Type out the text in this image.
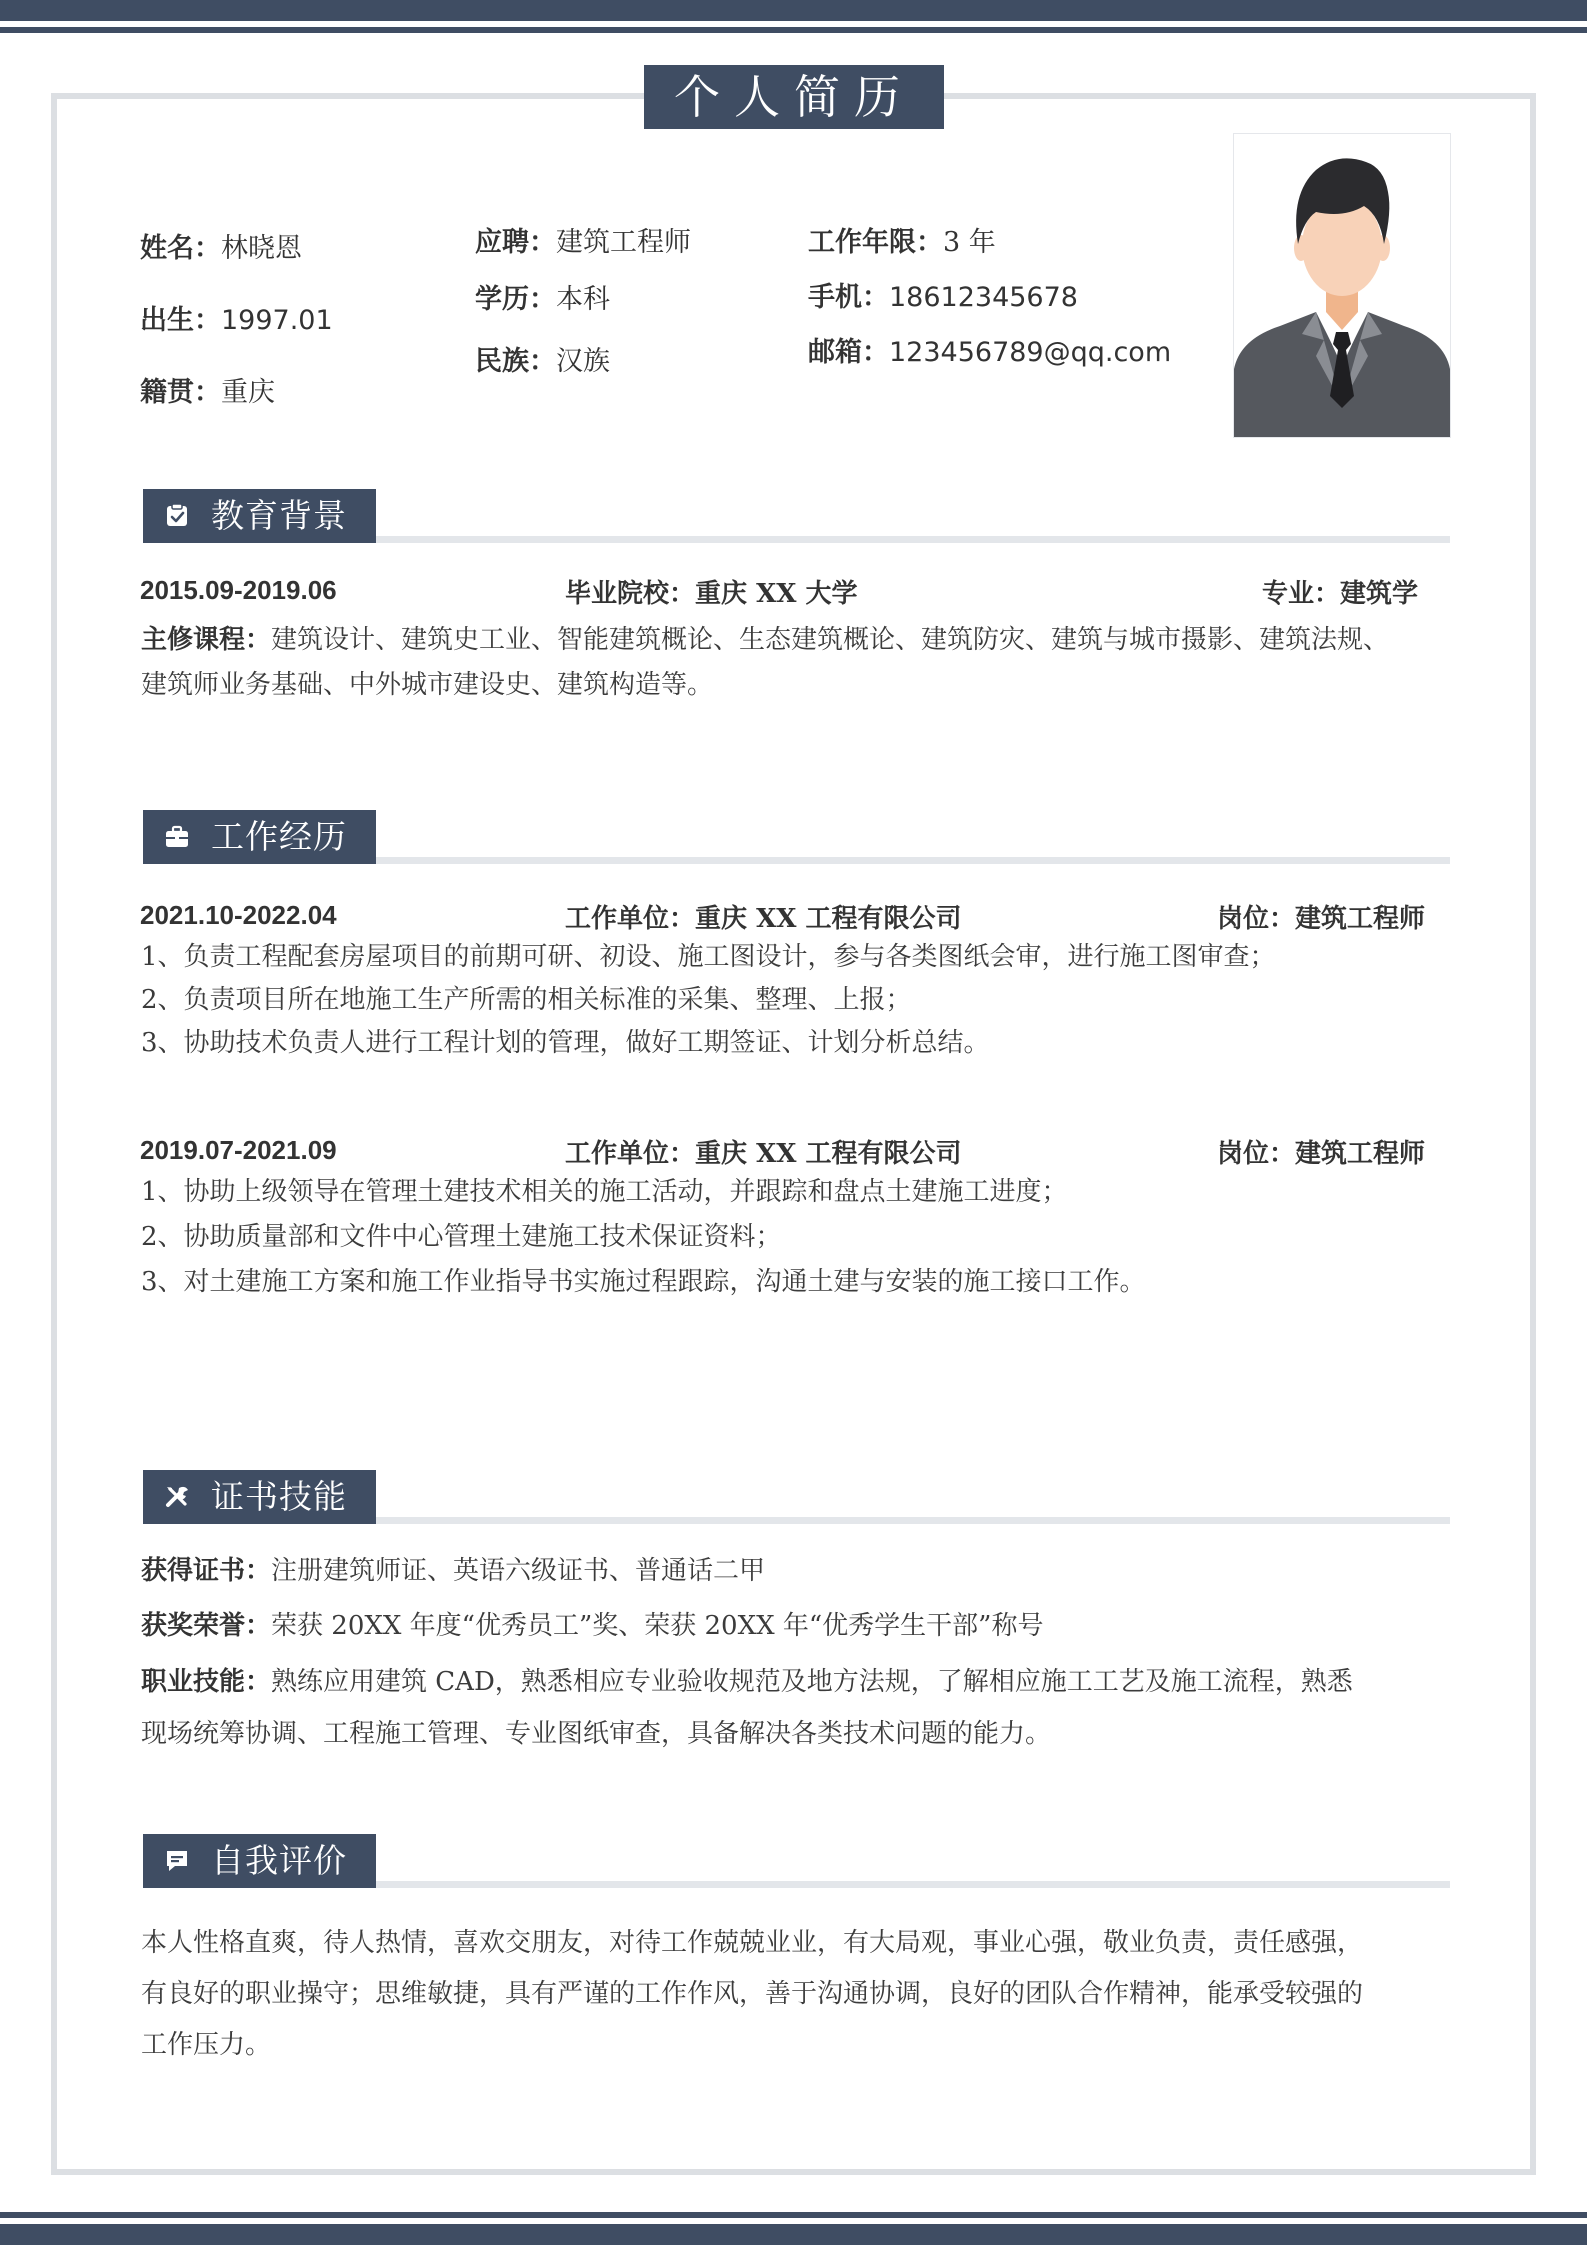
个人简历
姓名：林晓恩
出生：1997.01
籍贯：重庆
应聘：建筑工程师
学历：本科
民族：汉族
工作年限：3 年
手机：18612345678
邮箱：123456789@qq.com
教育背景
2015.09-2019.06	毕业院校：重庆 XX 大学	专业：建筑学
主修课程：建筑设计、建筑史工业、智能建筑概论、生态建筑概论、建筑防灾、建筑与城市摄影、建筑法规、
建筑师业务基础、中外城市建设史、建筑构造等。
工作经历
2021.10-2022.04	工作单位：重庆 XX 工程有限公司	岗位：建筑工程师
1、负责工程配套房屋项目的前期可研、初设、施工图设计，参与各类图纸会审，进行施工图审查；
2、负责项目所在地施工生产所需的相关标准的采集、整理、上报；
3、协助技术负责人进行工程计划的管理，做好工期签证、计划分析总结。
2019.07-2021.09	工作单位：重庆 XX 工程有限公司	岗位：建筑工程师
1、协助上级领导在管理土建技术相关的施工活动，并跟踪和盘点土建施工进度；
2、协助质量部和文件中心管理土建施工技术保证资料；
3、对土建施工方案和施工作业指导书实施过程跟踪，沟通土建与安装的施工接口工作。
证书技能
获得证书：注册建筑师证、英语六级证书、普通话二甲
获奖荣誉：荣获 20XX 年度“优秀员工”奖、荣获 20XX 年“优秀学生干部”称号
职业技能：熟练应用建筑 CAD，熟悉相应专业验收规范及地方法规，了解相应施工工艺及施工流程，熟悉
现场统筹协调、工程施工管理、专业图纸审查，具备解决各类技术问题的能力。
自我评价
本人性格直爽，待人热情，喜欢交朋友，对待工作兢兢业业，有大局观，事业心强，敬业负责，责任感强，
有良好的职业操守；思维敏捷，具有严谨的工作作风，善于沟通协调，良好的团队合作精神，能承受较强的
工作压力。
